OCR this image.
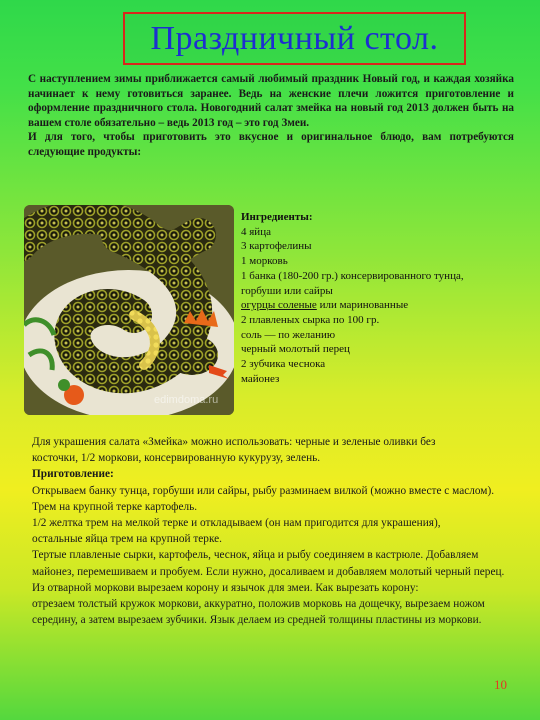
Праздничный стол.

С наступлением зимы приближается самый любимый праздник Новый год, и каждая хозяйка начинает к нему готовиться заранее. Ведь на женские плечи ложится приготовление и оформление праздничного стола. Новогодний салат змейка на новый год 2013 должен быть на вашем столе обязательно – ведь 2013 год – это год Змеи.

И для того, чтобы приготовить это вкусное и оригинальное блюдо, вам потребуются следующие продукты:

edimdoma.ru
Ингредиенты:
4 яйца
3 картофелины
1 морковь
1 банка (180-200 гр.) консервированного тунца, горбуши или сайры
огурцы соленые или маринованные
2 плавленых сырка по 100 гр.
соль — по желанию
черный молотый перец
2 зубчика чеснока
майонез
Для украшения салата «Змейка» можно использовать: черные и зеленые оливки без
косточки, 1/2 моркови, консервированную кукурузу, зелень.
Приготовление:
Открываем банку тунца, горбуши или сайры, рыбу разминаем вилкой (можно вместе с маслом).
Трем на крупной терке картофель.
1/2 желтка трем на мелкой терке и откладываем (он нам пригодится для украшения),
остальные яйца трем на крупной терке.
Тертые плавленые сырки, картофель, чеснок, яйца и рыбу соединяем в кастрюле. Добавляем майонез, перемешиваем и пробуем. Если нужно, досаливаем и добавляем молотый черный перец.
Из отварной моркови вырезаем корону и язычок для змеи. Как вырезать корону:
отрезаем толстый кружок моркови, аккуратно, положив морковь на дощечку, вырезаем ножом середину, а затем вырезаем зубчики. Язык делаем из средней толщины пластины из моркови.
10
